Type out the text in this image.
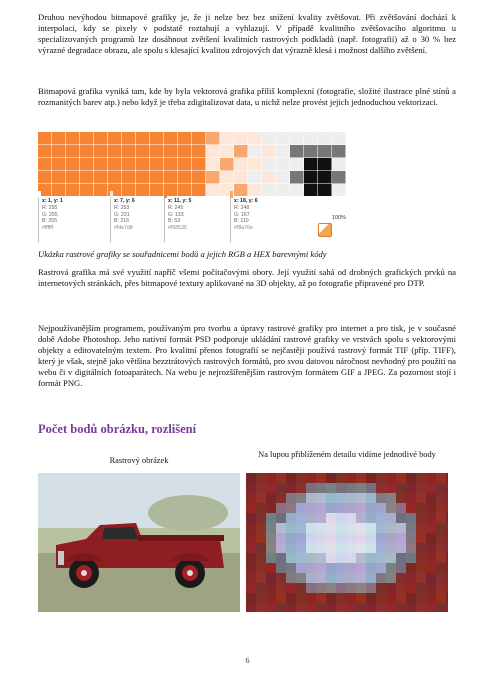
Druhou nevýhodou bitmapové grafiky je, že ji nelze bez bez snížení kvality zvětšovat. Při zvětšování dochází k interpolaci, kdy se pixely v podstatě roztahují a vyhlazují. V případě kvalitního zvětšovacího algoritmu u specializovaných programů lze dosáhnout zvětšení kvalitních rastrových podkladů (např. fotografií) až o 30 % bez výrazné degradace obrazu, ale spolu s klesající kvalitou zdrojových dat výrazně klesá i možnost dalšího zvětšení.

Bitmapová grafika vyniká tam, kde by byla vektorová grafika příliš komplexní (fotografie, složité ilustrace plné stínů a rozmanitých barev atp.) nebo když je třeba zdigitalizovat data, u nichž nelze provést jejich jednoduchou vektorizaci.

x: 1, y: 1
R: 255
G: 255
B: 255
#ffffff
x: 7, y: 6
R: 253
G: 231
B: 216
#fde7d8
x: 11, y: 5
R: 245
G: 133
B: 53
#f58535
x: 18, y: 6
R: 248
G: 167
B: 110
#f8a76e
100%

Ukázka rastrové grafiky se souřadnicemi bodů a jejich RGB a HEX barevnými kódy

Rastrová grafika má své využití napříč všemi počítačovými obory. Její využití sahá od drobných grafických prvků na internetových stránkách, přes bitmapové textury aplikované na 3D objekty, až po fotografie připravené pro DTP.

Nejpoužívanějším programem, používaným pro tvorbu a úpravy rastrové grafiky pro internet a pro tisk, je v současné době Adobe Photoshop. Jeho nativní formát PSD podporuje ukládání rastrové grafiky ve vrstvách spolu s vektorovými objekty a editovatelným textem. Pro kvalitní přenos fotografií se nejčastěji používá rastrový formát TIF (příp. TIFF), který je však, stejně jako většina bezztrátových rastrových formátů, pro svou datovou náročnost nevhodný pro použití na webu či v digitálních fotoaparátech. Na webu je nejrozšířenějším rastrovým formátem GIF a JPEG. Za pozornost stojí i formát PNG.

Počet bodů obrázku, rozlišení

Rastrový obrázek

Na lupou přiblíženém detailu vidíme jednotlivé body

6
